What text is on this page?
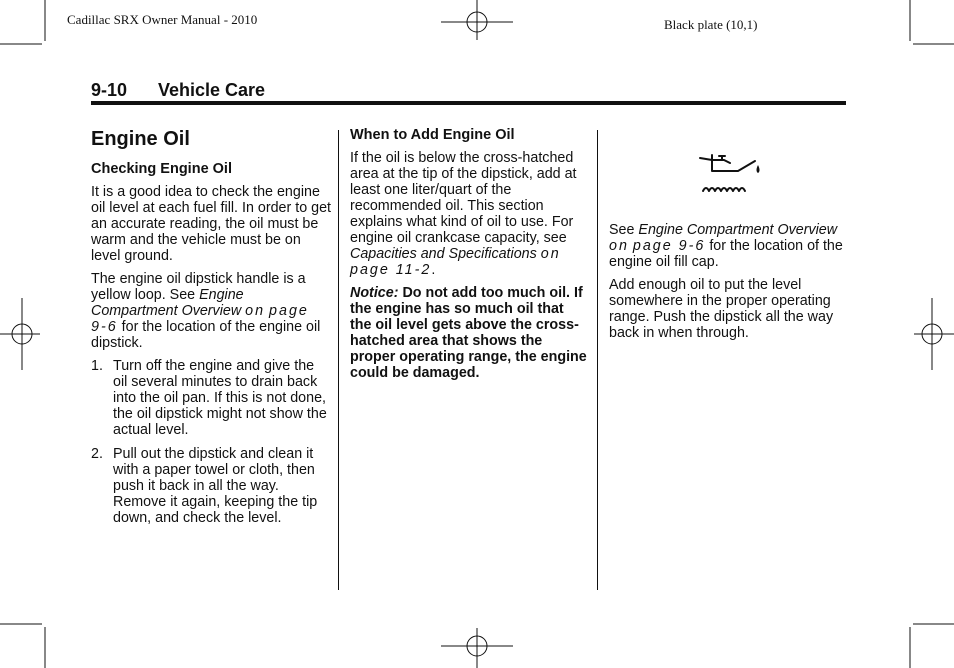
Cadillac SRX Owner Manual - 2010	Black plate (10,1)
9-10 Vehicle Care
Engine Oil
Checking Engine Oil

It is a good idea to check the engine oil level at each fuel fill. In order to get an accurate reading, the oil must be warm and the vehicle must be on level ground.

The engine oil dipstick handle is a yellow loop. See Engine Compartment Overview on page 9-6 for the location of the engine oil dipstick.

1. Turn off the engine and give the oil several minutes to drain back into the oil pan. If this is not done, the oil dipstick might not show the actual level.
2. Pull out the dipstick and clean it with a paper towel or cloth, then push it back in all the way. Remove it again, keeping the tip down, and check the level.
When to Add Engine Oil

If the oil is below the cross-hatched area at the tip of the dipstick, add at least one liter/quart of the recommended oil. This section explains what kind of oil to use. For engine oil crankcase capacity, see Capacities and Specifications on page 11-2.

Notice: Do not add too much oil. If the engine has so much oil that the oil level gets above the cross-hatched area that shows the proper operating range, the engine could be damaged.

See Engine Compartment Overview on page 9-6 for the location of the engine oil fill cap.

Add enough oil to put the level somewhere in the proper operating range. Push the dipstick all the way back in when through.
